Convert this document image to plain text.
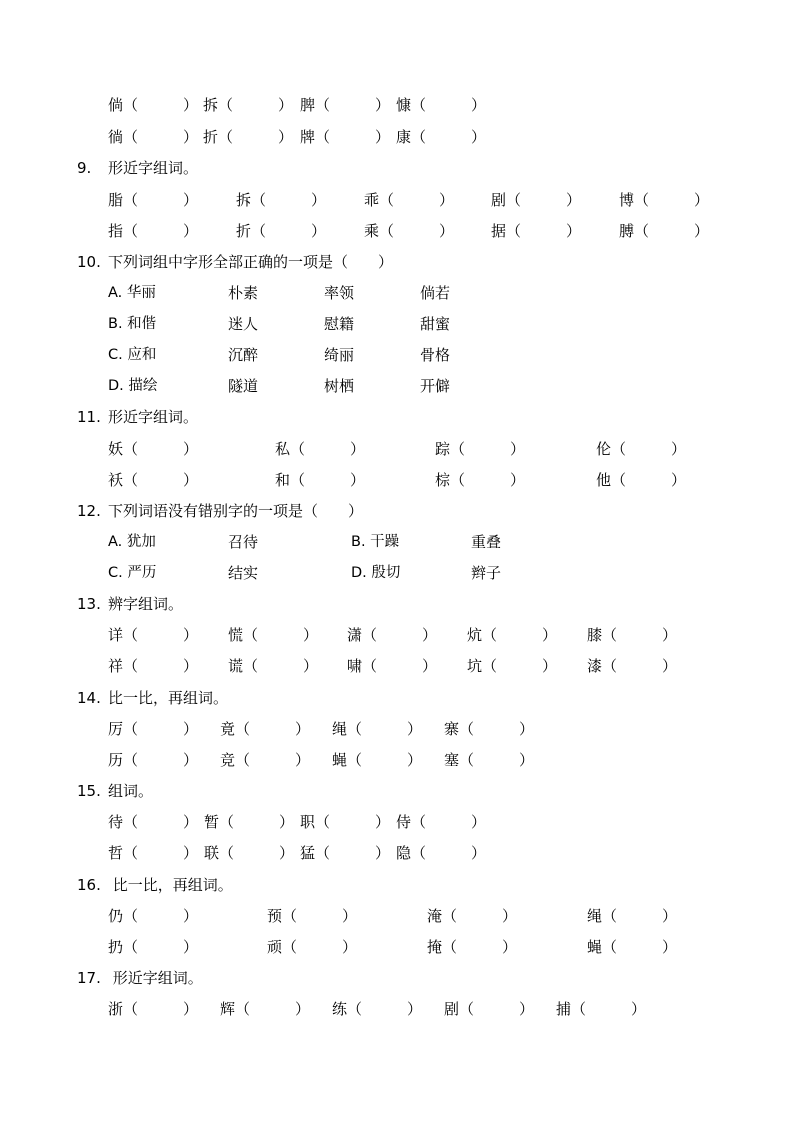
倘（　　　） 拆（　　　） 脾（　　　） 慷（　　　）
徜（　　　） 折（　　　） 牌（　　　） 康（　　　）
9. 形近字组词。
脂（　　　）	拆（　　　）	乖（　　　） 剧（　　　）	博（　　　）
指（　　　）	折（　　　）	乘（　　　） 据（　　　）	膊（　　　）
10. 下列词组中字形全部正确的一项是（　　）
A. 华丽	朴素	率领	倘若
B. 和偕	迷人	慰籍	甜蜜
C. 应和	沉醉	绮丽	骨格
D. 描绘	隧道	树栖	开僻
11. 形近字组词。
妖（　　　）	私（　　　）	踪（　　　）	伦（　　　）
袄（　　　）	和（　　　）	棕（　　　）	他（　　　）
12. 下列词语没有错别字的一项是（　　）
A. 犹加	召待	B. 干躁	重叠
C. 严历	结实	D. 殷切	辫子
13. 辨字组词。
详（　　　） 慌（　　　） 潇（　　　） 炕（　　　） 膝（　　　）
祥（　　　） 谎（　　　） 啸（　　　） 坑（　　　） 漆（　　　）
14. 比一比，再组词。
厉（　　　） 竟（　　　） 绳（　　　） 寨（　　　）
历（　　　） 竞（　　　） 蝇（　　　） 塞（　　　）
15. 组词。
待（　　　） 暂（　　　） 职（　　　） 侍（　　　）
哲（　　　） 联（　　　） 猛（　　　） 隐（　　　）
16. 比一比，再组词。
仍（　　　）	预（　　　）	淹（　　　）	绳（　　　）
扔（　　　）	顽（　　　）	掩（　　　）	蝇（　　　）
17. 形近字组词。
浙（　　　） 辉（　　　） 练（　　　） 剧（　　　） 捕（　　　）
